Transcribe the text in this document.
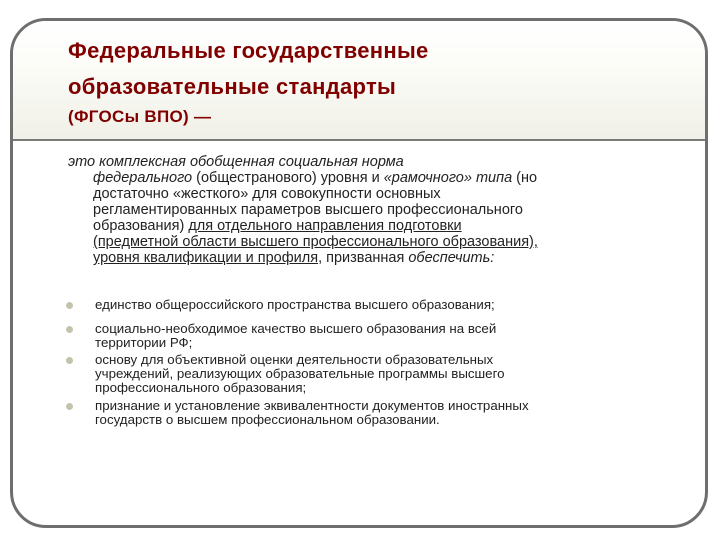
Федеральные государственные
образовательные стандарты
(ФГОСы ВПО) —
это комплексная обобщенная социальная норма
федерального (общестранового) уровня и «рамочного» типа (но
достаточно «жесткого» для совокупности основных
регламентированных параметров высшего профессионального
образования) для отдельного направления подготовки
(предметной области высшего профессионального образования),
уровня квалификации и профиля, призванная обеспечить:
единство общероссийского пространства высшего образования;
социально-необходимое качество высшего образования на всей
территории РФ;
основу для объективной оценки деятельности образовательных
учреждений, реализующих образовательные программы высшего
профессионального образования;
признание и установление эквивалентности документов иностранных
государств о высшем профессиональном образовании.
